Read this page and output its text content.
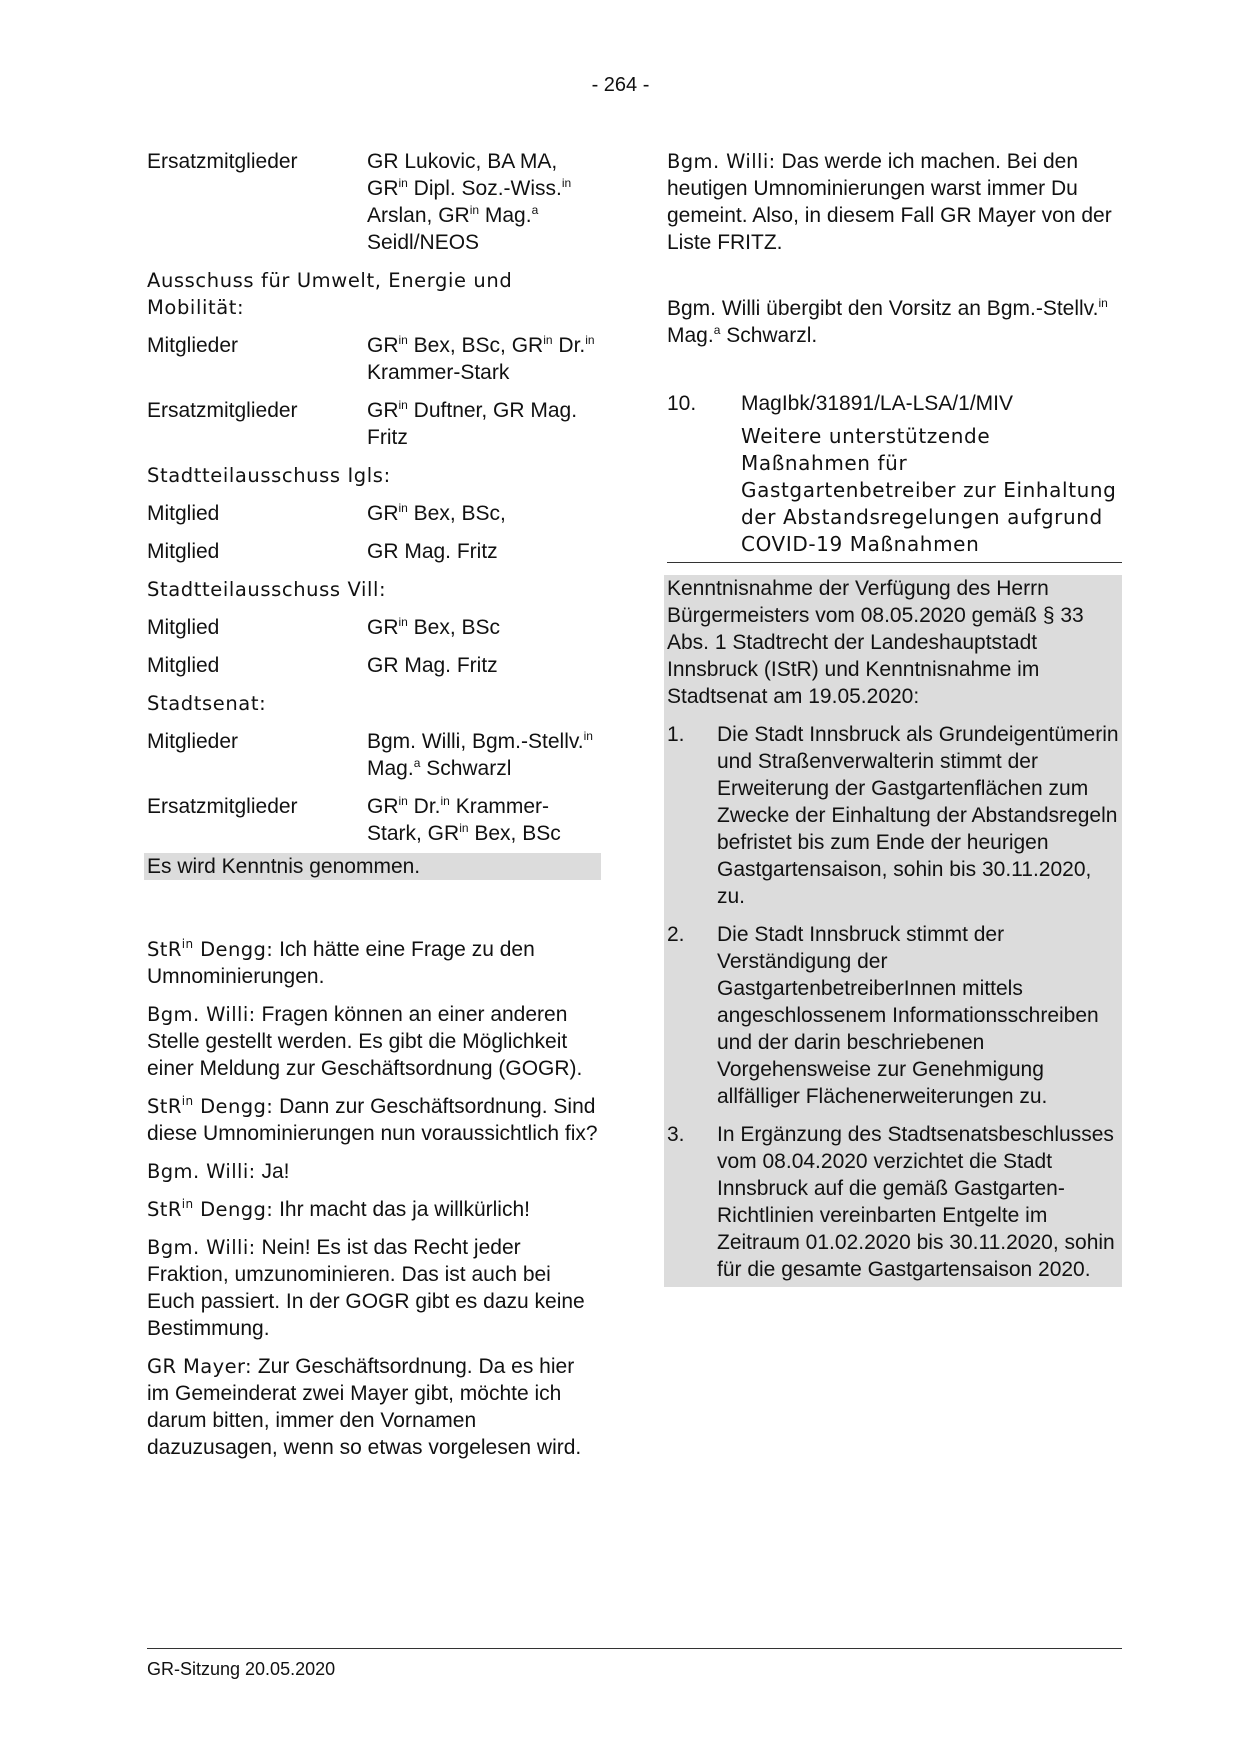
- 264 -
Ersatzmitglieder	GR Lukovic, BA MA, $GR^{in}$ Dipl. Soz.-Wiss.$^{in}$ Arslan, $GR^{in}$ Mag.$^a$ Seidl/NEOS

Ausschuss für Umwelt, Energie und Mobilität:

Mitglieder	$GR^{in}$ Bex, BSc, $GR^{in}$ Dr.$^{in}$ Krammer-Stark
Ersatzmitglieder	$GR^{in}$ Duftner, GR Mag. Fritz

Stadtteilausschuss Igls:

Mitglied	$GR^{in}$ Bex, BSc,
Mitglied	GR Mag. Fritz

Stadtteilausschuss Vill:

Mitglied	$GR^{in}$ Bex, BSc
Mitglied	GR Mag. Fritz

Stadtsenat:

Mitglieder	Bgm. Willi, Bgm.-Stellv.$^{in}$ Mag.$^a$ Schwarzl
Ersatzmitglieder	$GR^{in}$ Dr.$^{in}$ Krammer-Stark, $GR^{in}$ Bex, BSc

Es wird Kenntnis genommen.

StR$^{in}$ Dengg: Ich hätte eine Frage zu den Umnominierungen.

Bgm. Willi: Fragen können an einer anderen Stelle gestellt werden. Es gibt die Möglichkeit einer Meldung zur Geschäftsordnung (GOGR).

StR$^{in}$ Dengg: Dann zur Geschäftsordnung. Sind diese Umnominierungen nun voraussichtlich fix?

Bgm. Willi: Ja!

StR$^{in}$ Dengg: Ihr macht das ja willkürlich!

Bgm. Willi: Nein! Es ist das Recht jeder Fraktion, umzunominieren. Das ist auch bei Euch passiert. In der GOGR gibt es dazu keine Bestimmung.

GR Mayer: Zur Geschäftsordnung. Da es hier im Gemeinderat zwei Mayer gibt, möchte ich darum bitten, immer den Vornamen dazuzusagen, wenn so etwas vorgelesen wird.

Bgm. Willi: Das werde ich machen. Bei den heutigen Umnominierungen warst immer Du gemeint. Also, in diesem Fall GR Mayer von der Liste FRITZ.

Bgm. Willi übergibt den Vorsitz an Bgm.-Stellv.$^{in}$ Mag.$^a$ Schwarzl.

10.	MagIbk/31891/LA-LSA/1/MIV

Weitere unterstützende Maßnahmen für Gastgartenbetreiber zur Einhaltung der Abstandsregelungen aufgrund COVID-19 Maßnahmen

Kenntnisnahme der Verfügung des Herrn Bürgermeisters vom 08.05.2020 gemäß § 33 Abs. 1 Stadtrecht der Landeshauptstadt Innsbruck (IStR) und Kenntnisnahme im Stadtsenat am 19.05.2020:

1.	Die Stadt Innsbruck als Grundeigentümerin und Straßenverwalterin stimmt der Erweiterung der Gastgartenflächen zum Zwecke der Einhaltung der Abstandsregeln befristet bis zum Ende der heurigen Gastgartensaison, sohin bis 30.11.2020, zu.
2.	Die Stadt Innsbruck stimmt der Verständigung der GastgartenbetreiberInnen mittels angeschlossenem Informationsschreiben und der darin beschriebenen Vorgehensweise zur Genehmigung allfälliger Flächenerweiterungen zu.
3.	In Ergänzung des Stadtsenatsbeschlusses vom 08.04.2020 verzichtet die Stadt Innsbruck auf die gemäß Gastgarten-Richtlinien vereinbarten Entgelte im Zeitraum 01.02.2020 bis 30.11.2020, sohin für die gesamte Gastgartensaison 2020.
GR-Sitzung 20.05.2020
